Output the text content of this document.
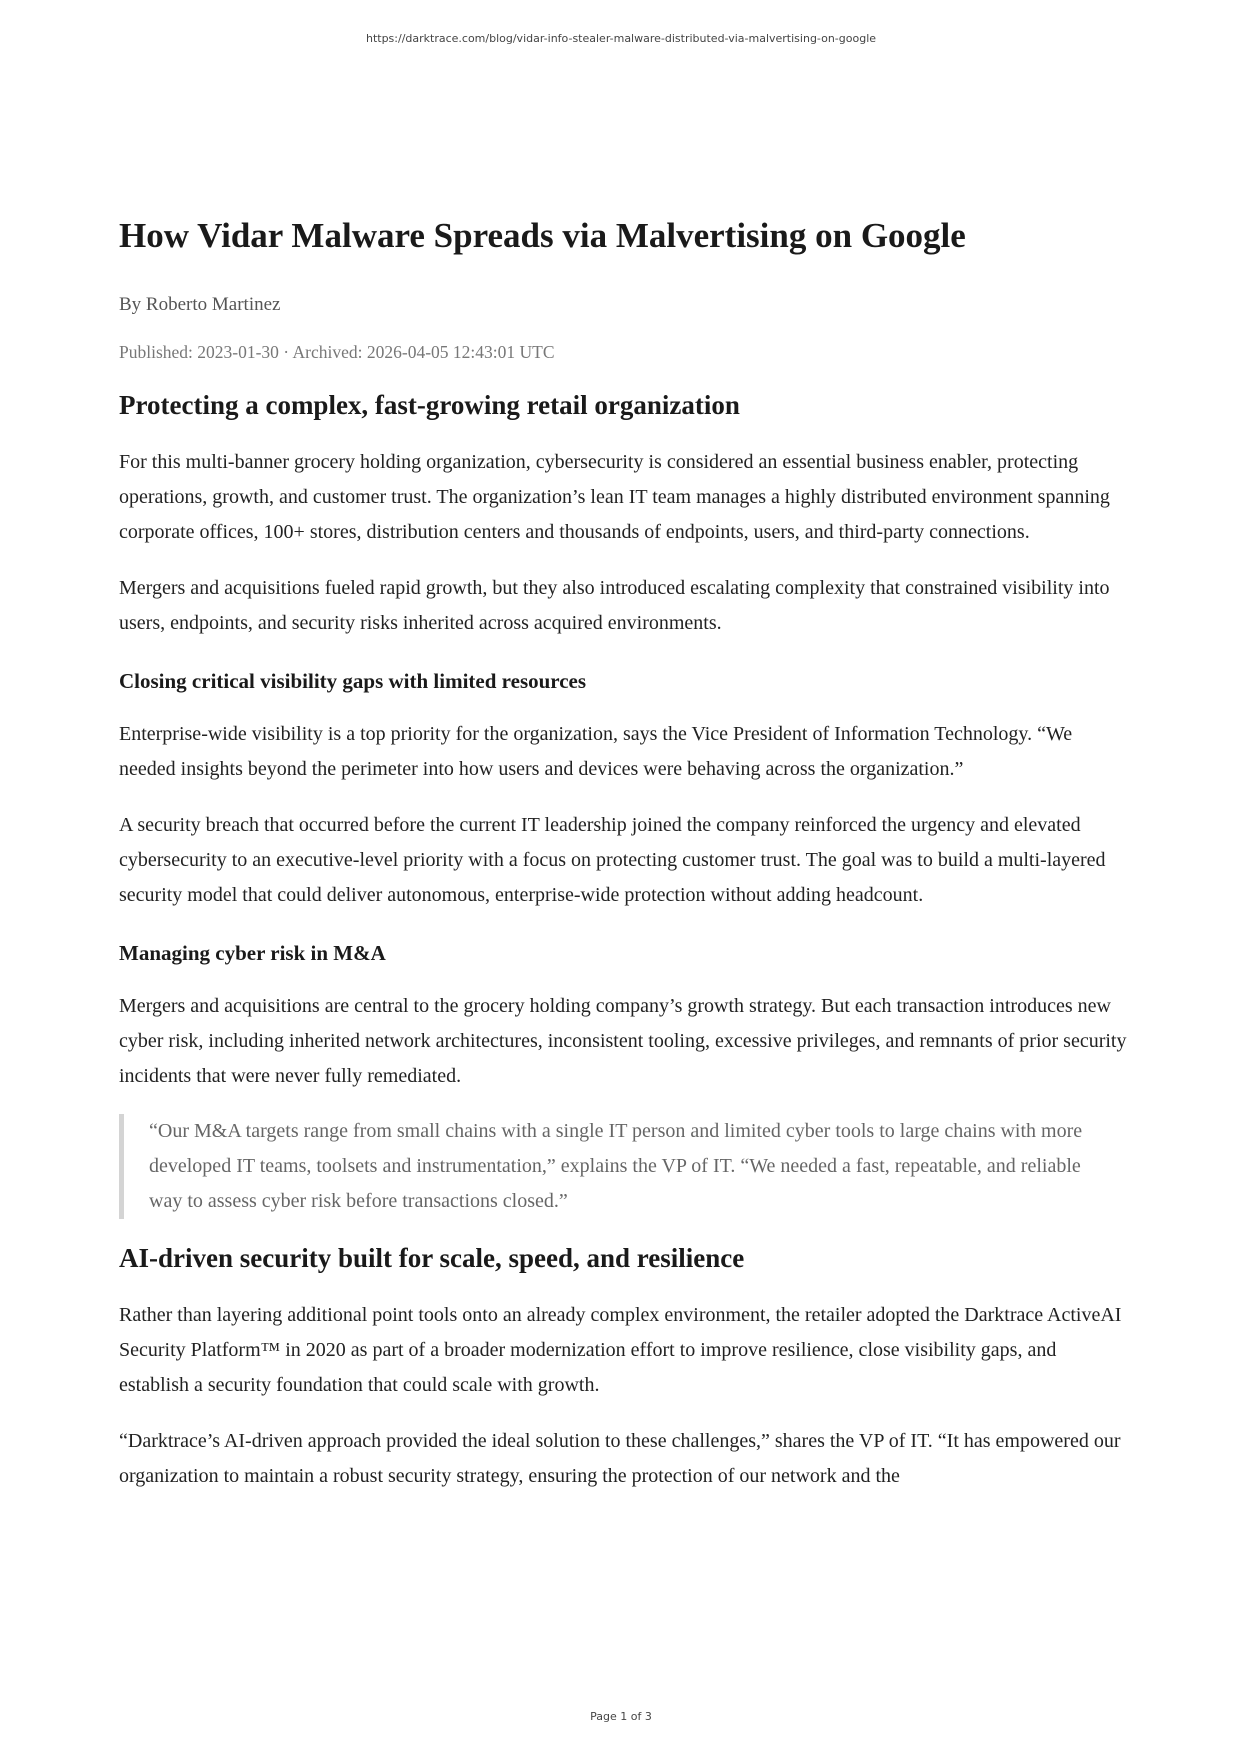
https://darktrace.com/blog/vidar-info-stealer-malware-distributed-via-malvertising-on-google
How Vidar Malware Spreads via Malvertising on Google
By Roberto Martinez
Published: 2023-01-30 · Archived: 2026-04-05 12:43:01 UTC
Protecting a complex, fast-growing retail organization

For this multi-banner grocery holding organization, cybersecurity is considered an essential business enabler, protecting operations, growth, and customer trust. The organization’s lean IT team manages a highly distributed environment spanning corporate offices, 100+ stores, distribution centers and thousands of endpoints, users, and third-party connections.

Mergers and acquisitions fueled rapid growth, but they also introduced escalating complexity that constrained visibility into users, endpoints, and security risks inherited across acquired environments.

Closing critical visibility gaps with limited resources

Enterprise-wide visibility is a top priority for the organization, says the Vice President of Information Technology. “We needed insights beyond the perimeter into how users and devices were behaving across the organization.”

A security breach that occurred before the current IT leadership joined the company reinforced the urgency and elevated cybersecurity to an executive-level priority with a focus on protecting customer trust. The goal was to build a multi-layered security model that could deliver autonomous, enterprise-wide protection without adding headcount.

Managing cyber risk in M&A

Mergers and acquisitions are central to the grocery holding company’s growth strategy. But each transaction introduces new cyber risk, including inherited network architectures, inconsistent tooling, excessive privileges, and remnants of prior security incidents that were never fully remediated.

“Our M&A targets range from small chains with a single IT person and limited cyber tools to large chains with more developed IT teams, toolsets and instrumentation,” explains the VP of IT. “We needed a fast, repeatable, and reliable way to assess cyber risk before transactions closed.”
AI-driven security built for scale, speed, and resilience

Rather than layering additional point tools onto an already complex environment, the retailer adopted the Darktrace ActiveAI Security Platform™ in 2020 as part of a broader modernization effort to improve resilience, close visibility gaps, and establish a security foundation that could scale with growth.

“Darktrace’s AI-driven approach provided the ideal solution to these challenges,” shares the VP of IT. “It has empowered our organization to maintain a robust security strategy, ensuring the protection of our network and the

Page 1 of 3
